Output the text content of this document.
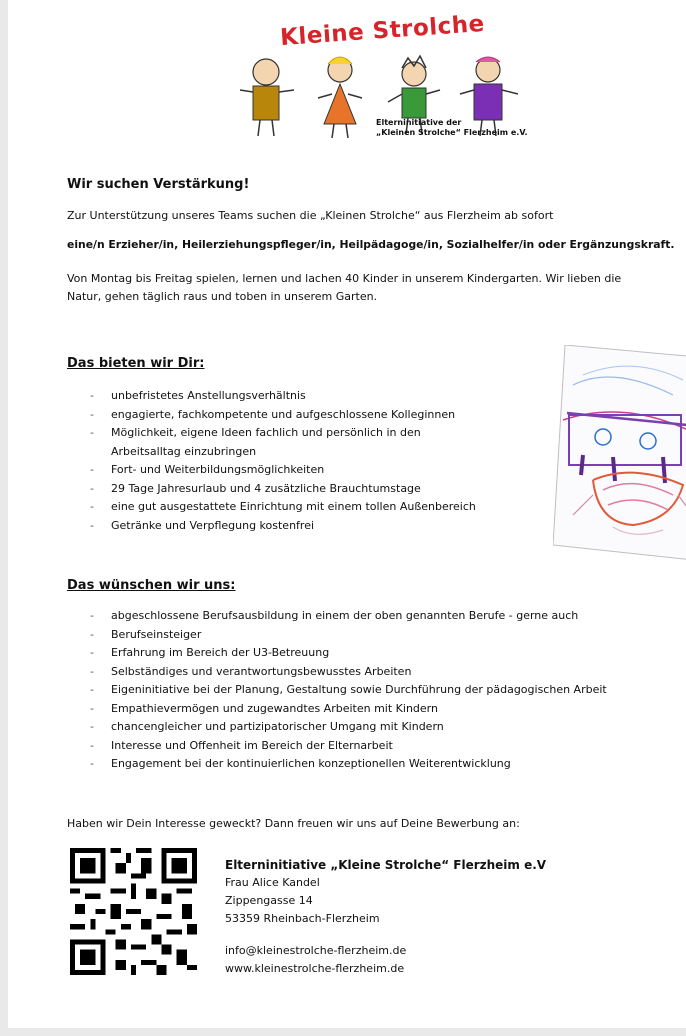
Kleine Strolche
Elterninitiative der
„Kleinen Strolche“ Flerzheim e.V.
Wir suchen Verstärkung!
Zur Unterstützung unseres Teams suchen die „Kleinen Strolche“ aus Flerzheim ab sofort
eine/n Erzieher/in, Heilerziehungspfleger/in, Heilpädagoge/in, Sozialhelfer/in oder Ergänzungskraft.
Von Montag bis Freitag spielen, lernen und lachen 40 Kinder in unserem Kindergarten. Wir lieben die
Natur, gehen täglich raus und toben in unserem Garten.
Das bieten wir Dir:
- unbefristetes Anstellungsverhältnis
- engagierte, fachkompetente und aufgeschlossene Kolleginnen
- Möglichkeit, eigene Ideen fachlich und persönlich in den
Arbeitsalltag einzubringen
- Fort- und Weiterbildungsmöglichkeiten
- 29 Tage Jahresurlaub und 4 zusätzliche Brauchtumstage
- eine gut ausgestattete Einrichtung mit einem tollen Außenbereich
- Getränke und Verpflegung kostenfrei
Das wünschen wir uns:
- abgeschlossene Berufsausbildung in einem der oben genannten Berufe - gerne auch
- Berufseinsteiger
- Erfahrung im Bereich der U3-Betreuung
- Selbständiges und verantwortungsbewusstes Arbeiten
- Eigeninitiative bei der Planung, Gestaltung sowie Durchführung der pädagogischen Arbeit
- Empathievermögen und zugewandtes Arbeiten mit Kindern
- chancengleicher und partizipatorischer Umgang mit Kindern
- Interesse und Offenheit im Bereich der Elternarbeit
- Engagement bei der kontinuierlichen konzeptionellen Weiterentwicklung
Haben wir Dein Interesse geweckt? Dann freuen wir uns auf Deine Bewerbung an:
Elterninitiative „Kleine Strolche“ Flerzheim e.V
Frau Alice Kandel
Zippengasse 14
53359 Rheinbach-Flerzheim
info@kleinestrolche-flerzheim.de
www.kleinestrolche-flerzheim.de
